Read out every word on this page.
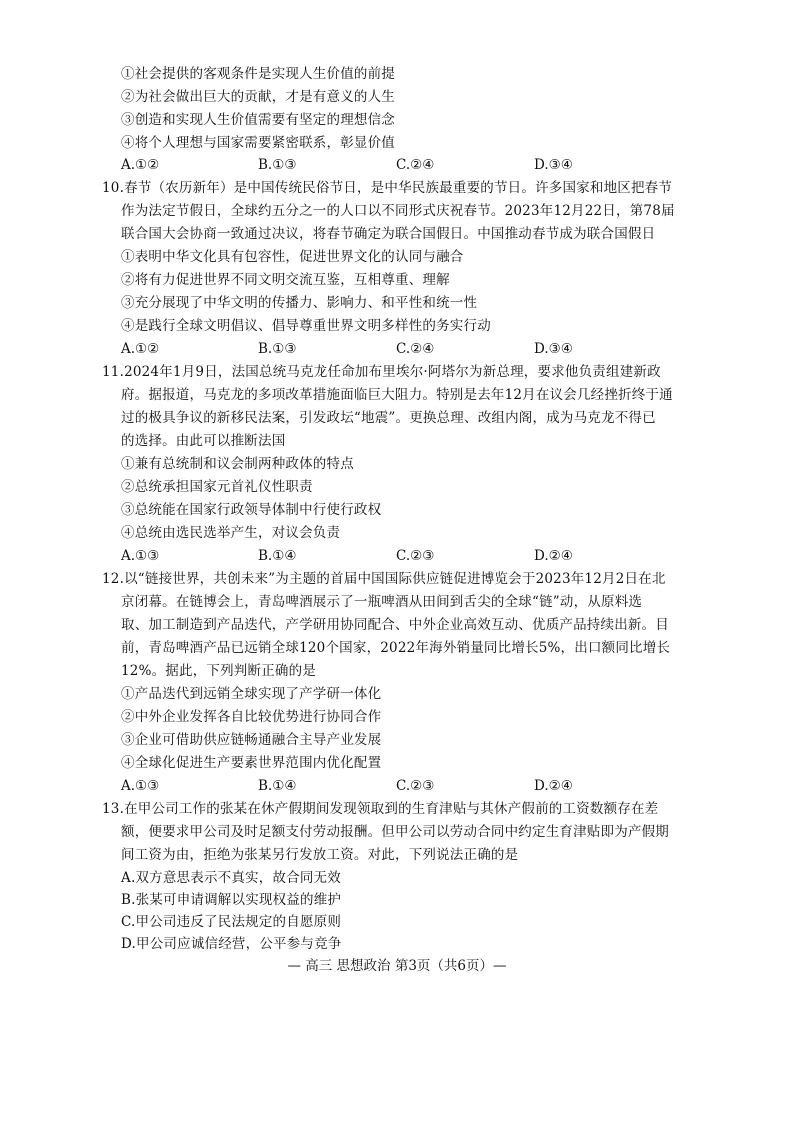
①社会提供的客观条件是实现人生价值的前提
②为社会做出巨大的贡献，才是有意义的人生
③创造和实现人生价值需要有坚定的理想信念
④将个人理想与国家需要紧密联系，彰显价值
A.①②	B.①③	C.②④	D.③④
10.春节（农历新年）是中国传统民俗节日，是中华民族最重要的节日。许多国家和地区把春节
作为法定节假日，全球约五分之一的人口以不同形式庆祝春节。2023年12月22日，第78届
联合国大会协商一致通过决议，将春节确定为联合国假日。中国推动春节成为联合国假日
①表明中华文化具有包容性，促进世界文化的认同与融合
②将有力促进世界不同文明交流互鉴，互相尊重、理解
③充分展现了中华文明的传播力、影响力、和平性和统一性
④是践行全球文明倡议、倡导尊重世界文明多样性的务实行动
A.①②	B.①③	C.②④	D.③④
11.2024年1月9日，法国总统马克龙任命加布里埃尔·阿塔尔为新总理，要求他负责组建新政
府。据报道，马克龙的多项改革措施面临巨大阻力。特别是去年12月在议会几经挫折终于通
过的极具争议的新移民法案，引发政坛“地震”。更换总理、改组内阁，成为马克龙不得已
的选择。由此可以推断法国
①兼有总统制和议会制两种政体的特点
②总统承担国家元首礼仪性职责
③总统能在国家行政领导体制中行使行政权
④总统由选民选举产生，对议会负责
A.①③	B.①④	C.②③	D.②④
12.以“链接世界，共创未来”为主题的首届中国国际供应链促进博览会于2023年12月2日在北
京闭幕。在链博会上，青岛啤酒展示了一瓶啤酒从田间到舌尖的全球“链”动，从原料选
取、加工制造到产品迭代，产学研用协同配合、中外企业高效互动、优质产品持续出新。目
前，青岛啤酒产品已远销全球120个国家，2022年海外销量同比增长5%，出口额同比增长
12%。据此，下列判断正确的是
①产品迭代到远销全球实现了产学研一体化
②中外企业发挥各自比较优势进行协同合作
③企业可借助供应链畅通融合主导产业发展
④全球化促进生产要素世界范围内优化配置
A.①③	B.①④	C.②③	D.②④
13.在甲公司工作的张某在休产假期间发现领取到的生育津贴与其休产假前的工资数额存在差
额，便要求甲公司及时足额支付劳动报酬。但甲公司以劳动合同中约定生育津贴即为产假期
间工资为由，拒绝为张某另行发放工资。对此，下列说法正确的是
A.双方意思表示不真实，故合同无效
B.张某可申请调解以实现权益的维护
C.甲公司违反了民法规定的自愿原则
D.甲公司应诚信经营，公平参与竞争
— 高三 思想政治 第3页（共6页）—
